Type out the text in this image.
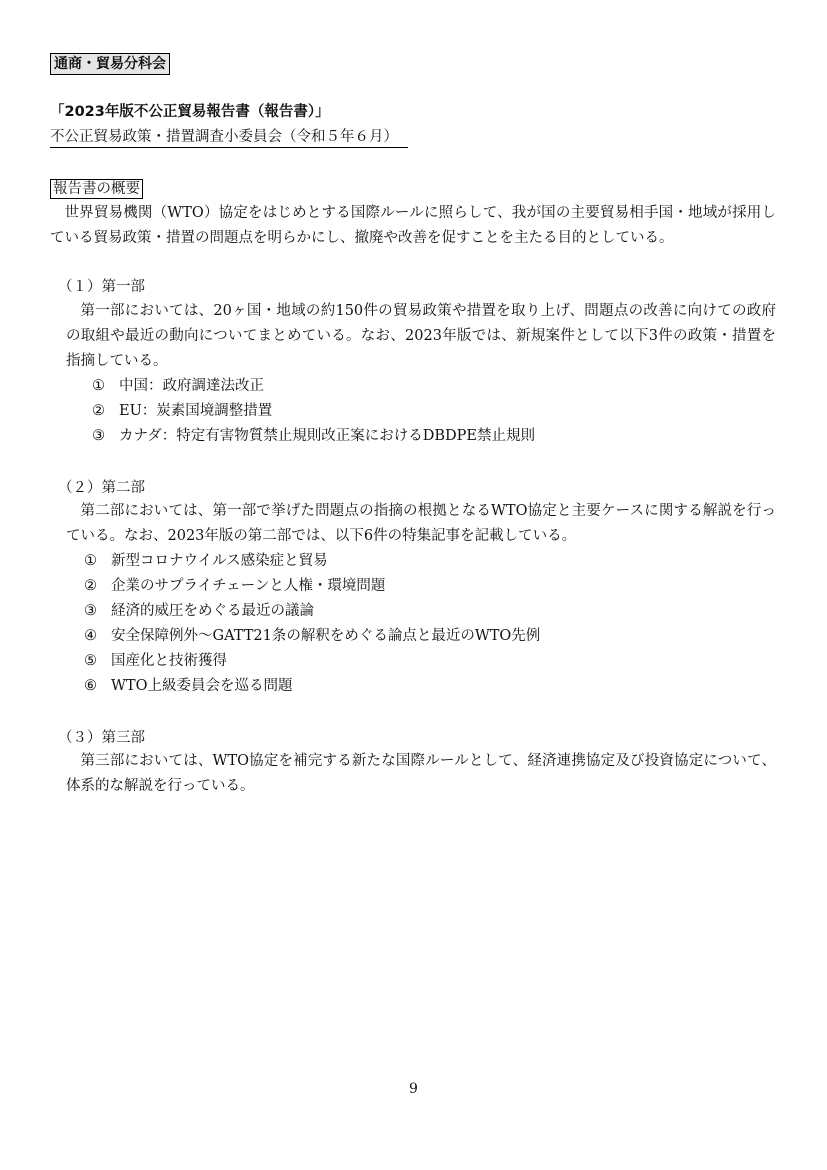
通商・貿易分科会
「2023年版不公正貿易報告書（報告書）」
不公正貿易政策・措置調査小委員会（令和５年６月）
報告書の概要
世界貿易機関（WTO）協定をはじめとする国際ルールに照らして、我が国の主要貿易相手国・地域が採用している貿易政策・措置の問題点を明らかにし、撤廃や改善を促すことを主たる目的としている。
（１）第一部
第一部においては、20ヶ国・地域の約150件の貿易政策や措置を取り上げ、問題点の改善に向けての政府の取組や最近の動向についてまとめている。なお、2023年版では、新規案件として以下3件の政策・措置を指摘している。
① 中国：政府調達法改正
② EU：炭素国境調整措置
③ カナダ：特定有害物質禁止規則改正案におけるDBDPE禁止規則
（２）第二部
第二部においては、第一部で挙げた問題点の指摘の根拠となるWTO協定と主要ケースに関する解説を行っている。なお、2023年版の第二部では、以下6件の特集記事を記載している。
① 新型コロナウイルス感染症と貿易
② 企業のサプライチェーンと人権・環境問題
③ 経済的威圧をめぐる最近の議論
④ 安全保障例外～GATT21条の解釈をめぐる論点と最近のWTO先例
⑤ 国産化と技術獲得
⑥ WTO上級委員会を巡る問題
（３）第三部
第三部においては、WTO協定を補完する新たな国際ルールとして、経済連携協定及び投資協定について、体系的な解説を行っている。
9
